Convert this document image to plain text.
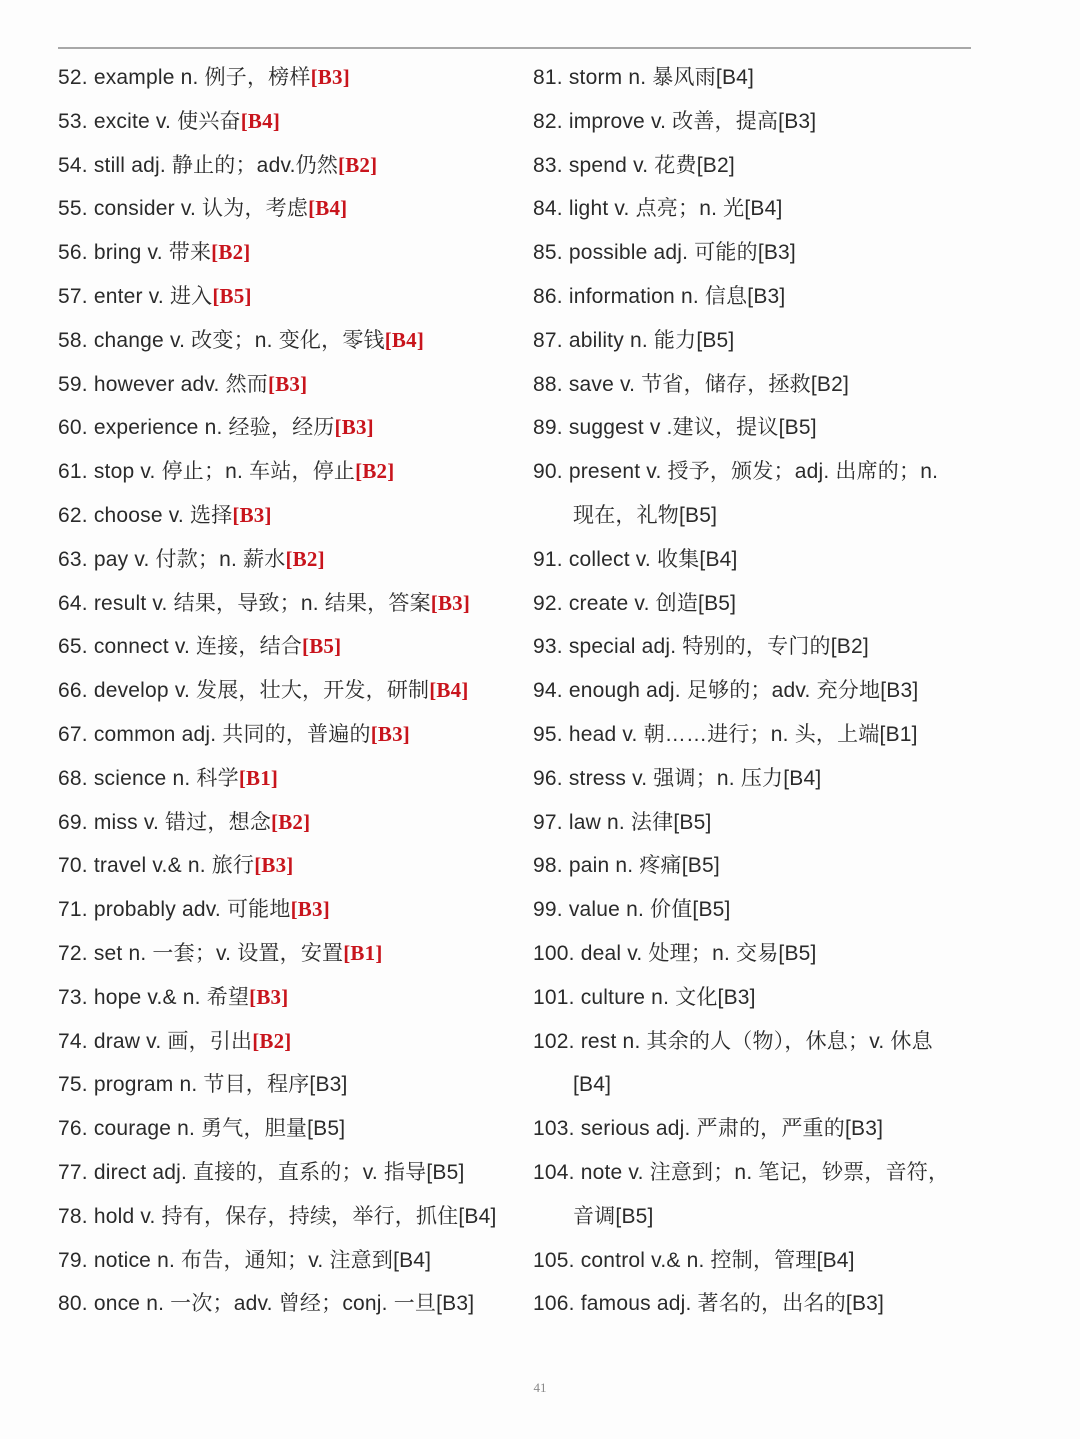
52. example n. 例子，榜样[B3]
53. excite v. 使兴奋[B4]
54. still adj. 静止的；adv.仍然[B2]
55. consider v. 认为，考虑[B4]
56. bring v. 带来[B2]
57. enter v. 进入[B5]
58. change v. 改变；n. 变化，零钱[B4]
59. however adv. 然而[B3]
60. experience n. 经验，经历[B3]
61. stop v. 停止；n. 车站，停止[B2]
62. choose v. 选择[B3]
63. pay v. 付款；n. 薪水[B2]
64. result v. 结果，导致；n. 结果，答案[B3]
65. connect v. 连接，结合[B5]
66. develop v. 发展，壮大，开发，研制[B4]
67. common adj. 共同的，普遍的[B3]
68. science n. 科学[B1]
69. miss v. 错过，想念[B2]
70. travel v.& n. 旅行[B3]
71. probably adv. 可能地[B3]
72. set n. 一套；v. 设置，安置[B1]
73. hope v.& n. 希望[B3]
74. draw v. 画，引出[B2]
75. program n. 节目，程序[B3]
76. courage n. 勇气，胆量[B5]
77. direct adj. 直接的，直系的；v. 指导[B5]
78. hold v. 持有，保存，持续，举行，抓住[B4]
79. notice n. 布告，通知；v. 注意到[B4]
80. once n. 一次；adv. 曾经；conj. 一旦[B3]
81. storm n. 暴风雨[B4]
82. improve v. 改善，提高[B3]
83. spend v. 花费[B2]
84. light v. 点亮；n. 光[B4]
85. possible adj. 可能的[B3]
86. information n. 信息[B3]
87. ability n. 能力[B5]
88. save v. 节省，储存，拯救[B2]
89. suggest v .建议，提议[B5]
90. present v. 授予，颁发；adj. 出席的；n.
现在，礼物[B5]
91. collect v. 收集[B4]
92. create v. 创造[B5]
93. special adj. 特别的，专门的[B2]
94. enough adj. 足够的；adv. 充分地[B3]
95. head v. 朝……进行；n. 头，上端[B1]
96. stress v. 强调；n. 压力[B4]
97. law n. 法律[B5]
98. pain n. 疼痛[B5]
99. value n. 价值[B5]
100. deal v. 处理；n. 交易[B5]
101. culture n. 文化[B3]
102. rest n. 其余的人（物），休息；v. 休息
[B4]
103. serious adj. 严肃的，严重的[B3]
104. note v. 注意到；n. 笔记，钞票，音符，
音调[B5]
105. control v.& n. 控制，管理[B4]
106. famous adj. 著名的，出名的[B3]
41
